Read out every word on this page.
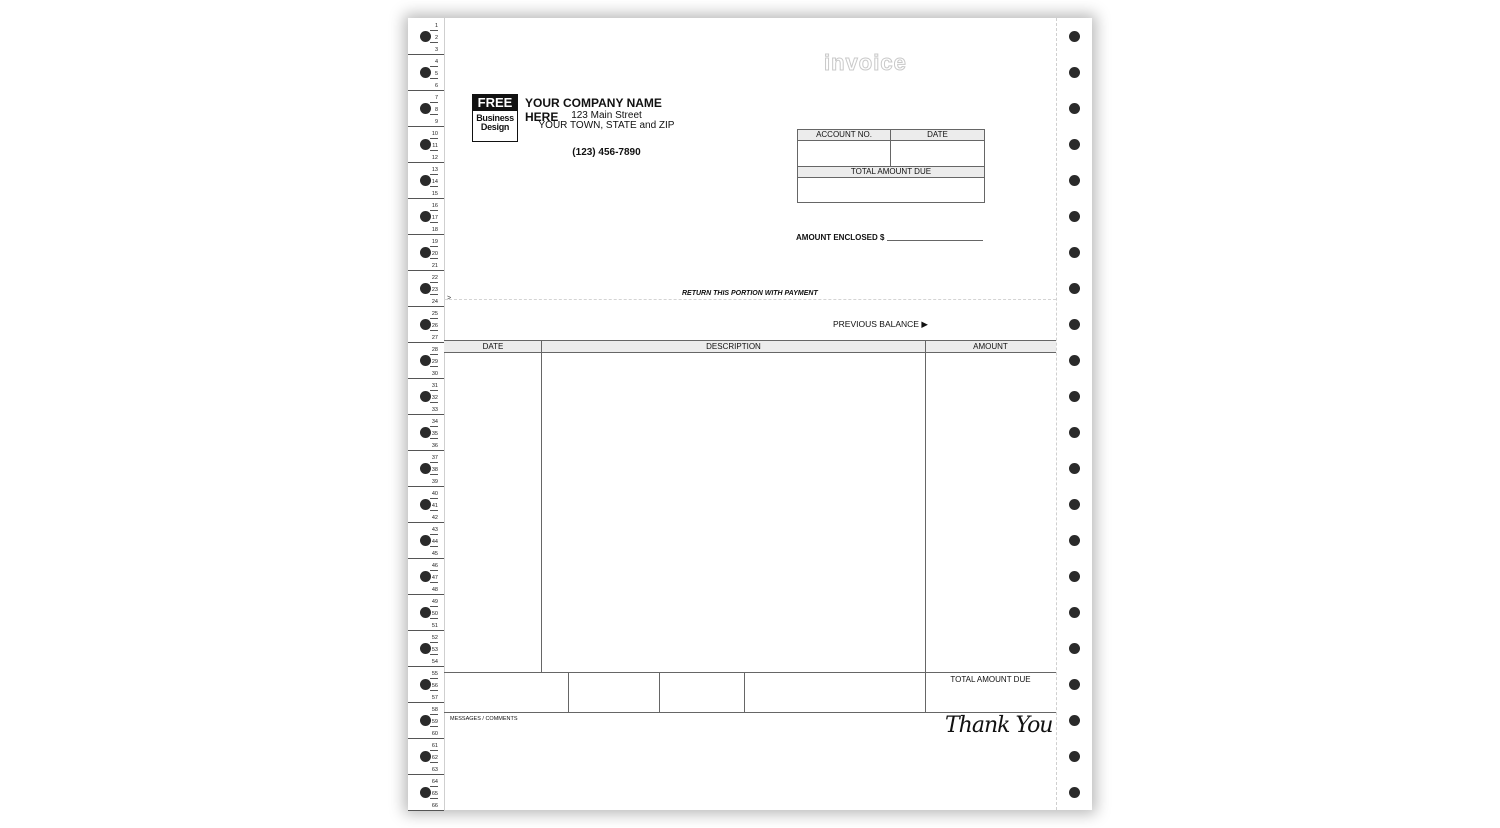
1
2
3
4
5
6
7
8
9
10
11
12
13
14
15
16
17
18
19
20
21
22
23
24
25
26
27
28
29
30
31
32
33
34
35
36
37
38
39
40
41
42
43
44
45
46
47
48
49
50
51
52
53
54
55
56
57
58
59
60
61
62
63
64
65
66
invoice
FREE
Business
Design
YOUR COMPANY NAME HERE	123 Main Street
YOUR TOWN, STATE and ZIP
(123) 456-7890
ACCOUNT NO.	DATE
TOTAL AMOUNT DUE
AMOUNT ENCLOSED $
>
RETURN THIS PORTION WITH PAYMENT
PREVIOUS BALANCE ▶
DATE	DESCRIPTION	AMOUNT
TOTAL AMOUNT DUE
MESSAGES / COMMENTS	Thank You
